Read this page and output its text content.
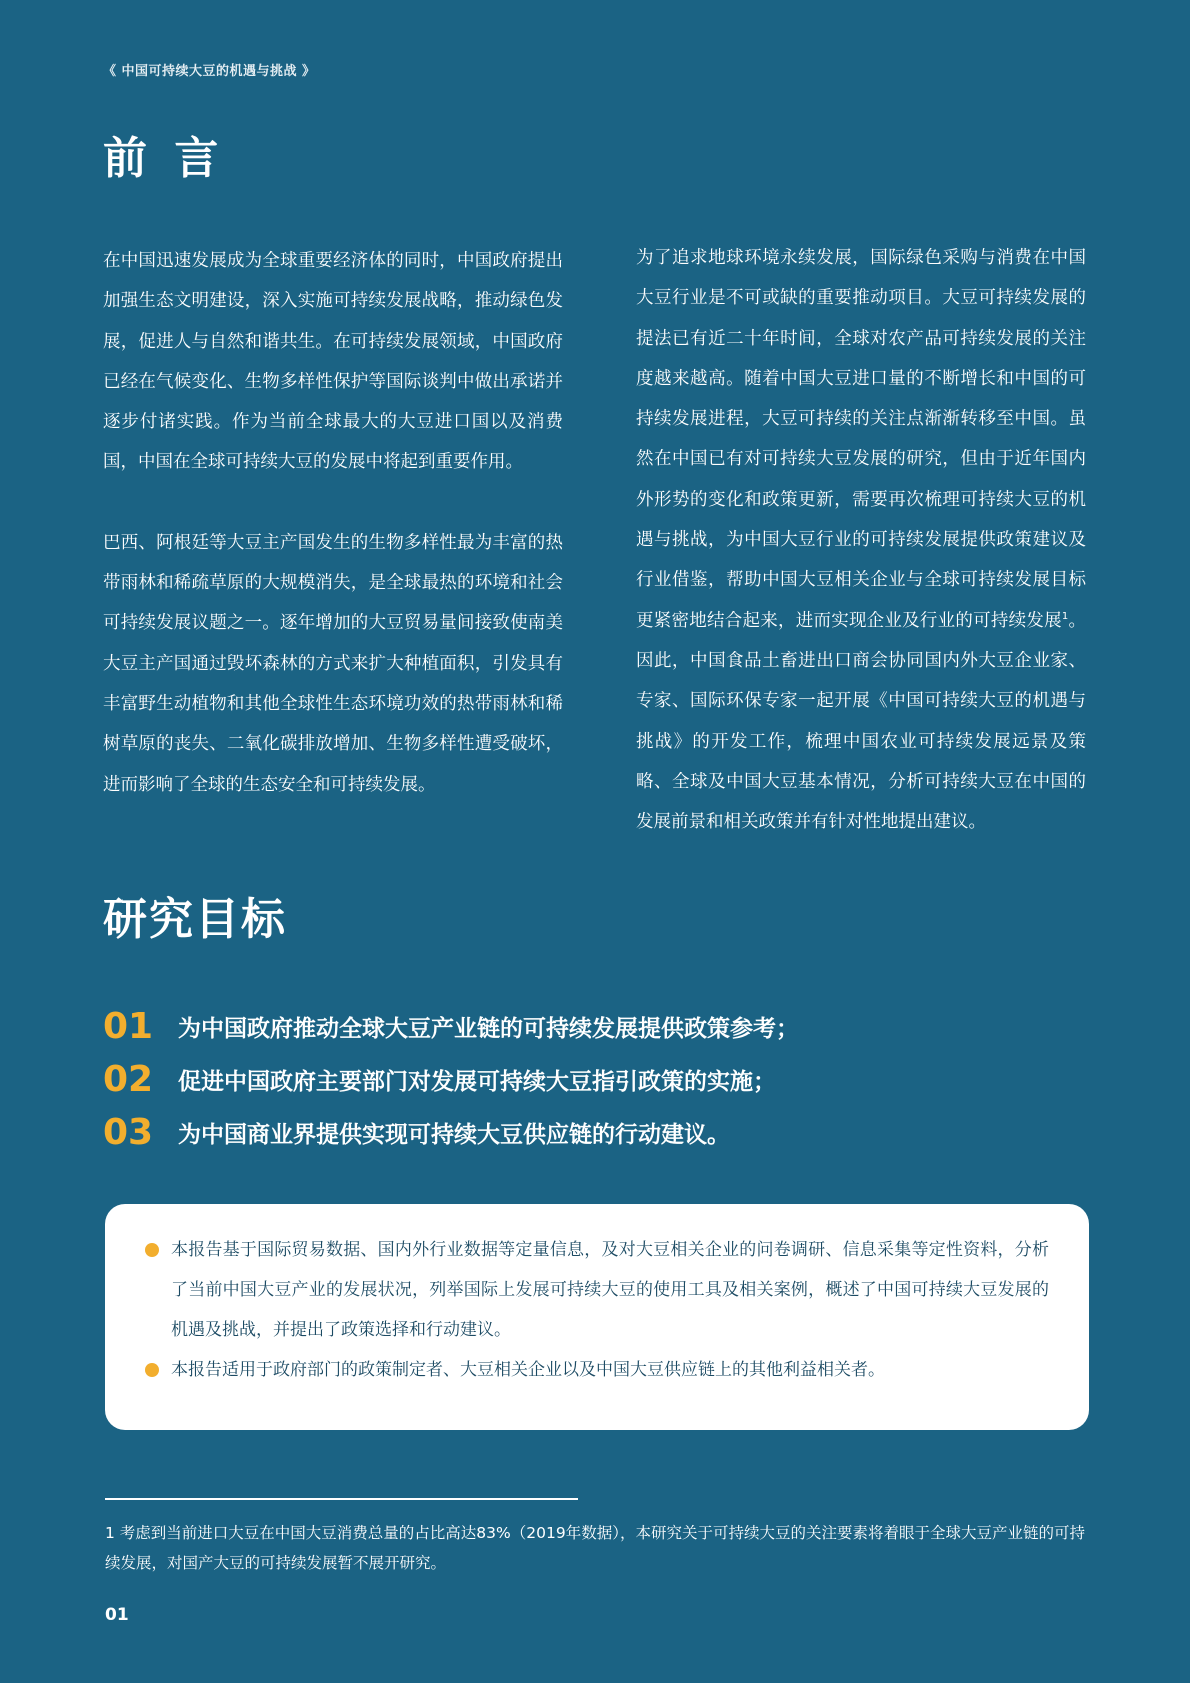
《 中国可持续大豆的机遇与挑战 》
前 言

在中国迅速发展成为全球重要经济体的同时，中国政府提出加强生态文明建设，深入实施可持续发展战略，推动绿色发展，促进人与自然和谐共生。在可持续发展领域，中国政府已经在气候变化、生物多样性保护等国际谈判中做出承诺并逐步付诸实践。作为当前全球最大的大豆进口国以及消费国，中国在全球可持续大豆的发展中将起到重要作用。

巴西、阿根廷等大豆主产国发生的生物多样性最为丰富的热带雨林和稀疏草原的大规模消失，是全球最热的环境和社会可持续发展议题之一。逐年增加的大豆贸易量间接致使南美大豆主产国通过毁坏森林的方式来扩大种植面积，引发具有丰富野生动植物和其他全球性生态环境功效的热带雨林和稀树草原的丧失、二氧化碳排放增加、生物多样性遭受破坏，进而影响了全球的生态安全和可持续发展。

为了追求地球环境永续发展，国际绿色采购与消费在中国大豆行业是不可或缺的重要推动项目。大豆可持续发展的提法已有近二十年时间，全球对农产品可持续发展的关注度越来越高。随着中国大豆进口量的不断增长和中国的可持续发展进程，大豆可持续的关注点渐渐转移至中国。虽然在中国已有对可持续大豆发展的研究，但由于近年国内外形势的变化和政策更新，需要再次梳理可持续大豆的机遇与挑战，为中国大豆行业的可持续发展提供政策建议及行业借鉴，帮助中国大豆相关企业与全球可持续发展目标更紧密地结合起来，进而实现企业及行业的可持续发展$^1$。因此，中国食品土畜进出口商会协同国内外大豆企业家、专家、国际环保专家一起开展《中国可持续大豆的机遇与挑战》的开发工作，梳理中国农业可持续发展远景及策略、全球及中国大豆基本情况，分析可持续大豆在中国的发展前景和相关政策并有针对性地提出建议。

研究目标
01	为中国政府推动全球大豆产业链的可持续发展提供政策参考；
02	促进中国政府主要部门对发展可持续大豆指引政策的实施；
03	为中国商业界提供实现可持续大豆供应链的行动建议。
本报告基于国际贸易数据、国内外行业数据等定量信息，及对大豆相关企业的问卷调研、信息采集等定性资料，分析了当前中国大豆产业的发展状况，列举国际上发展可持续大豆的使用工具及相关案例，概述了中国可持续大豆发展的机遇及挑战，并提出了政策选择和行动建议。
本报告适用于政府部门的政策制定者、大豆相关企业以及中国大豆供应链上的其他利益相关者。
1 考虑到当前进口大豆在中国大豆消费总量的占比高达83%（2019年数据），本研究关于可持续大豆的关注要素将着眼于全球大豆产业链的可持续发展，对国产大豆的可持续发展暂不展开研究。
01
